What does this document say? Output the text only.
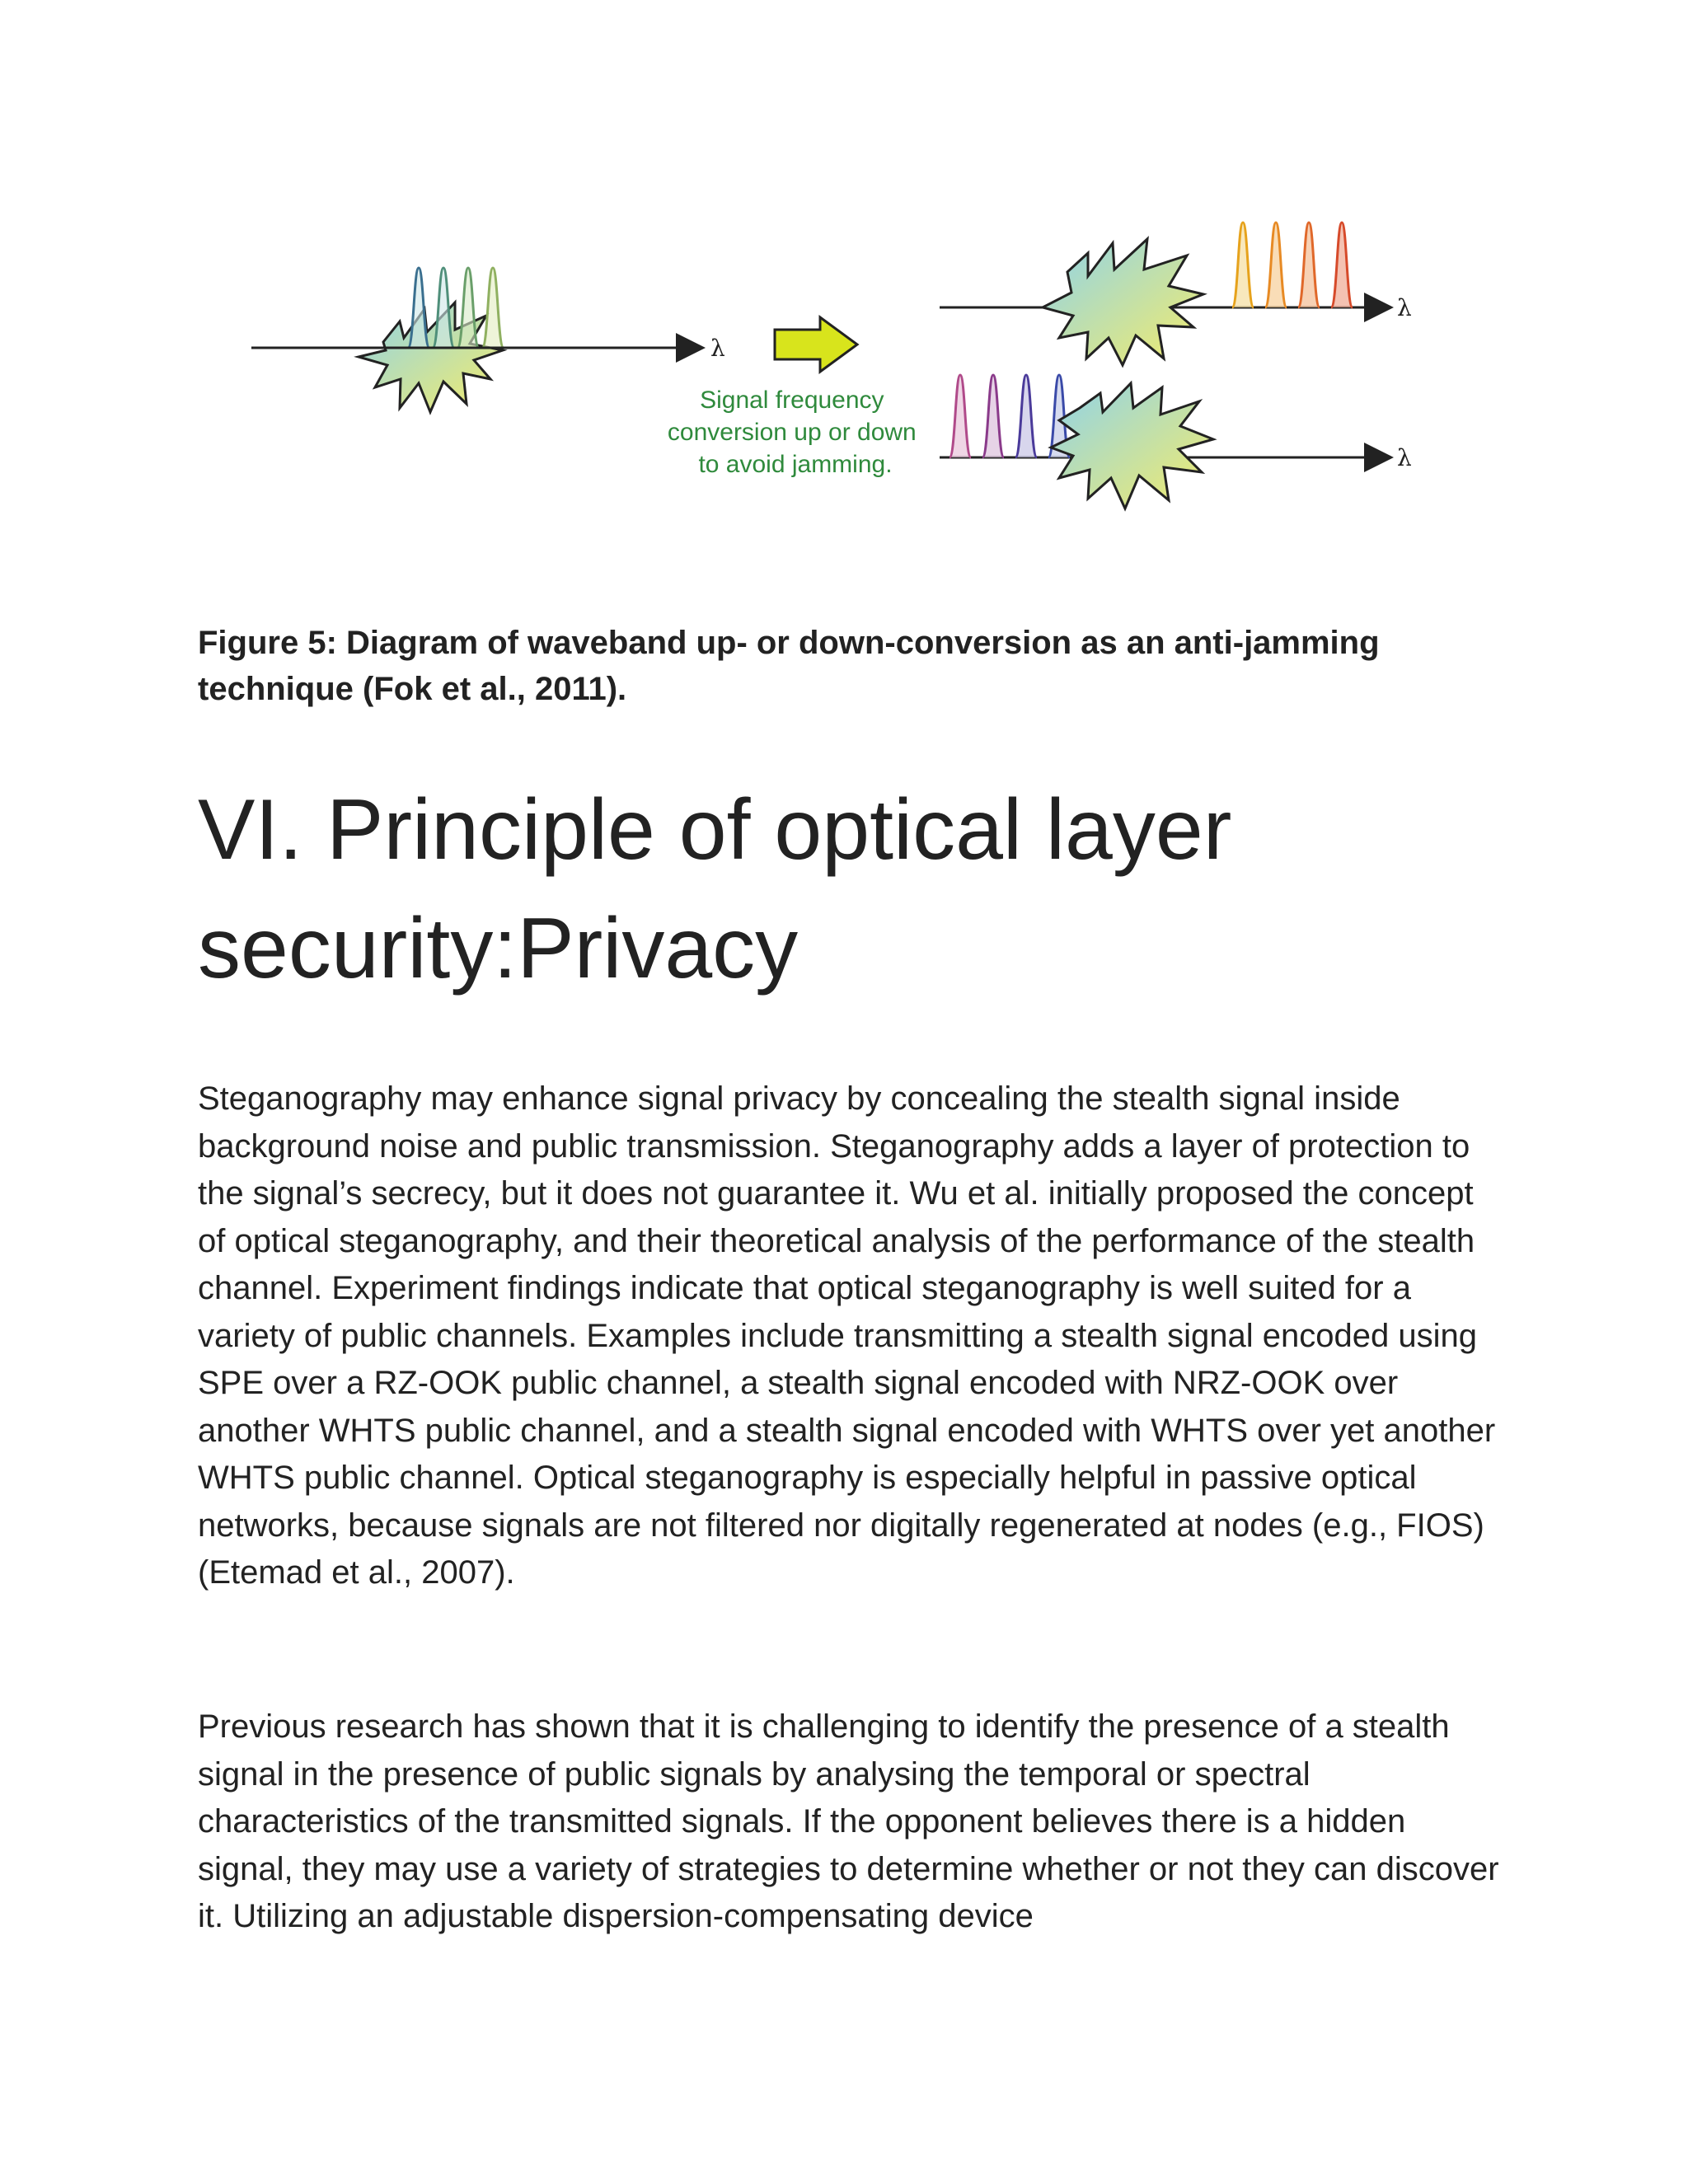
λ
Signal frequency conversion up or down to avoid jamming.
λ
λ

Figure 5: Diagram of waveband up- or down-conversion as an anti-jamming technique (Fok et al., 2011).

VI. Principle of optical layer security:Privacy

Steganography may enhance signal privacy by concealing the stealth signal inside background noise and public transmission. Steganography adds a layer of protection to the signal’s secrecy, but it does not guarantee it. Wu et al. initially proposed the concept of optical steganography, and their theoretical analysis of the performance of the stealth channel. Experiment findings indicate that optical steganography is well suited for a variety of public channels. Examples include transmitting a stealth signal encoded using SPE over a RZ-OOK public channel, a stealth signal encoded with NRZ-OOK over another WHTS public channel, and a stealth signal encoded with WHTS over yet another WHTS public channel. Optical steganography is especially helpful in passive optical networks, because signals are not filtered nor digitally regenerated at nodes (e.g., FIOS) (Etemad et al., 2007).

Previous research has shown that it is challenging to identify the presence of a stealth signal in the presence of public signals by analysing the temporal or spectral characteristics of the transmitted signals. If the opponent believes there is a hidden signal, they may use a variety of strategies to determine whether or not they can discover it. Utilizing an adjustable dispersion-compensating device
